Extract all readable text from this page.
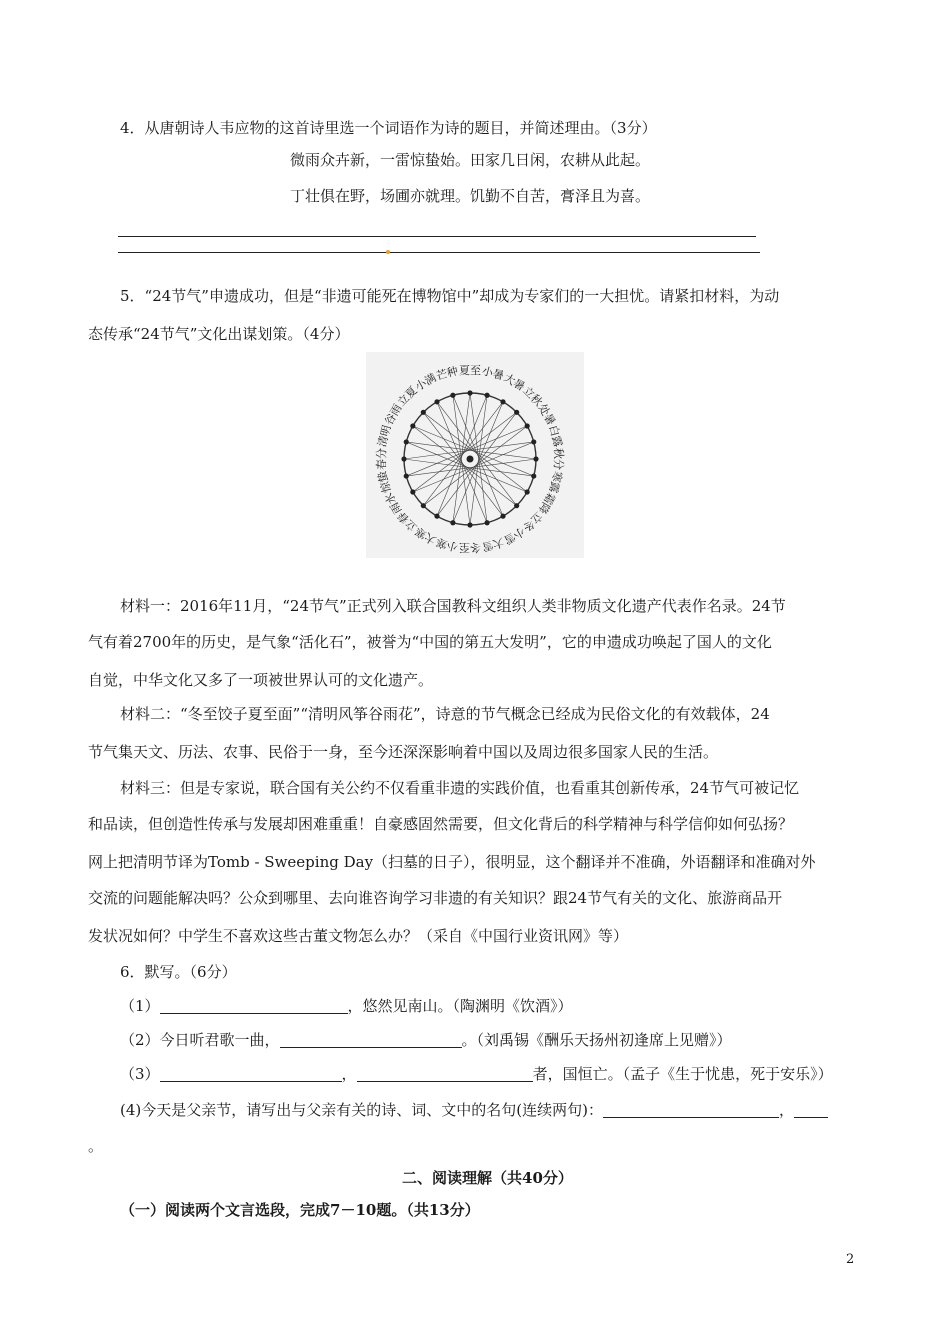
4．从唐朝诗人韦应物的这首诗里选一个词语作为诗的题目，并简述理由。（3分）
微雨众卉新，一雷惊蛰始。田家几日闲，农耕从此起。
丁壮俱在野，场圃亦就理。饥勤不自苦，膏泽且为喜。
5．“24节气”申遗成功，但是“非遗可能死在博物馆中”却成为专家们的一大担忧。请紧扣材料，为动
态传承“24节气”文化出谋划策。（4分）
夏至 小暑
大暑
立秋
处暑
白露
秋分
寒露
霜降
立冬
小雪
大雪
冬至
小寒
大寒
立春
雨水
惊蛰
春分
清明
谷雨
立夏
小满
芒种
材料一：2016年11月，“24节气”正式列入联合国教科文组织人类非物质文化遗产代表作名录。24节
气有着2700年的历史，是气象“活化石”，被誉为“中国的第五大发明”，它的申遗成功唤起了国人的文化
自觉，中华文化又多了一项被世界认可的文化遗产。
材料二：“冬至饺子夏至面”“清明风筝谷雨花”，诗意的节气概念已经成为民俗文化的有效载体，24
节气集天文、历法、农事、民俗于一身，至今还深深影响着中国以及周边很多国家人民的生活。
材料三：但是专家说，联合国有关公约不仅看重非遗的实践价值，也看重其创新传承，24节气可被记忆
和品读，但创造性传承与发展却困难重重！自豪感固然需要，但文化背后的科学精神与科学信仰如何弘扬？
网上把清明节译为Tomb - Sweeping Day（扫墓的日子），很明显，这个翻译并不准确，外语翻译和准确对外
交流的问题能解决吗？公众到哪里、去向谁咨询学习非遗的有关知识？跟24节气有关的文化、旅游商品开
发状况如何？中学生不喜欢这些古董文物怎么办？（采自《中国行业资讯网》等）
6．默写。（6分）
（1）	，悠然见南山。（陶渊明《饮酒》）
（2）今日听君歌一曲，	。（刘禹锡《酬乐天扬州初逢席上见赠》）
（3）	，	者，国恒亡。（孟子《生于忧患，死于安乐》）
(4)今天是父亲节，请写出与父亲有关的诗、词、文中的名句(连续两句)：	，
。
二、阅读理解（共40分）
（一）阅读两个文言选段，完成7－10题。（共13分）
2
